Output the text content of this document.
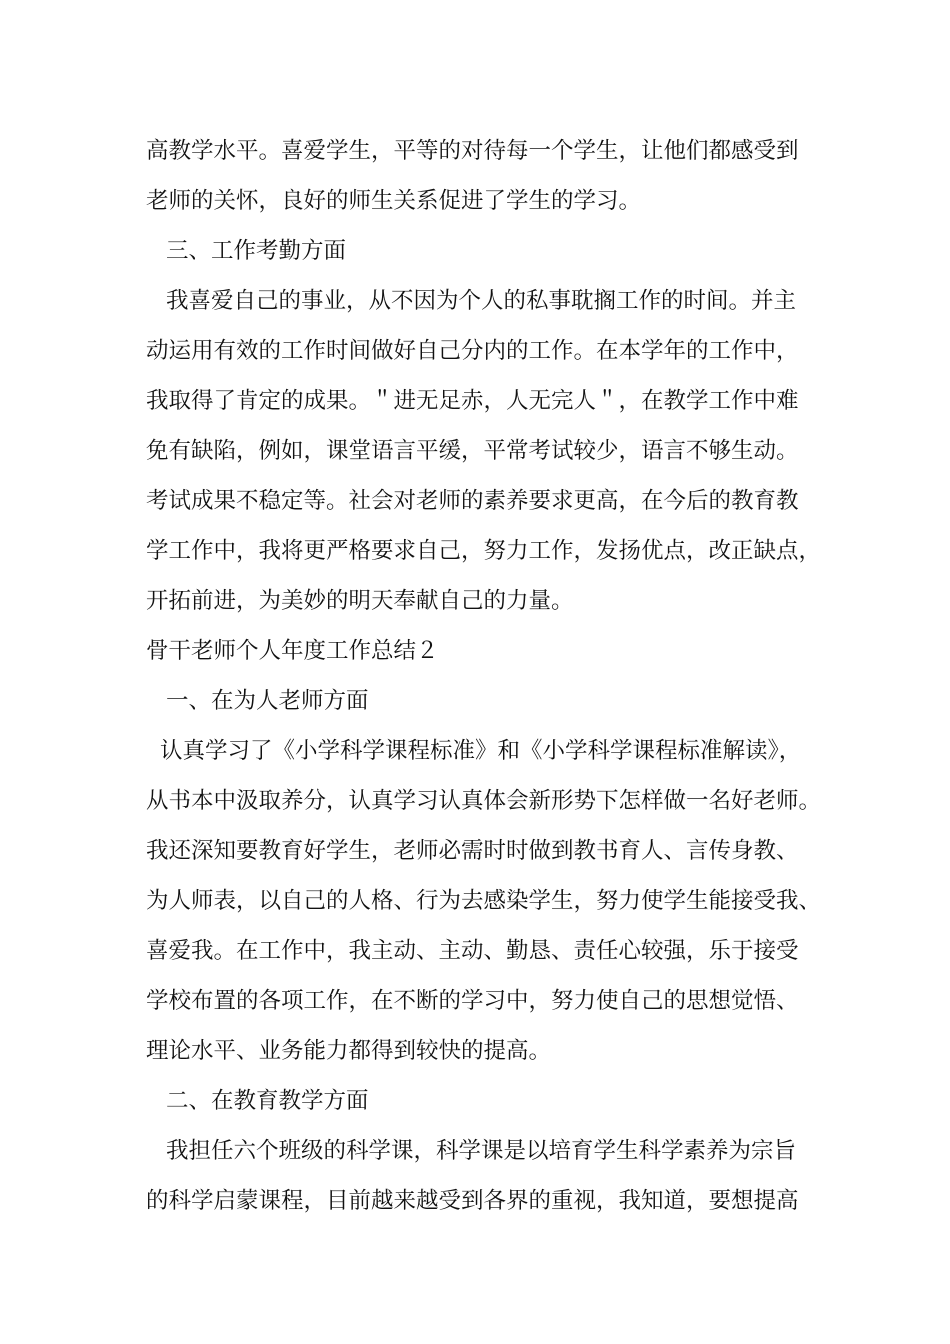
高教学水平。喜爱学生，平等的对待每一个学生，让他们都感受到
老师的关怀，良好的师生关系促进了学生的学习。
三、工作考勤方面
我喜爱自己的事业，从不因为个人的私事耽搁工作的时间。并主
动运用有效的工作时间做好自己分内的工作。在本学年的工作中，
我取得了肯定的成果。＂进无足赤，人无完人＂，在教学工作中难
免有缺陷，例如，课堂语言平缓，平常考试较少，语言不够生动。
考试成果不稳定等。社会对老师的素养要求更高，在今后的教育教
学工作中，我将更严格要求自己，努力工作，发扬优点，改正缺点，
开拓前进，为美妙的明天奉献自己的力量。
骨干老师个人年度工作总结２
一、在为人老师方面
认真学习了《小学科学课程标准》和《小学科学课程标准解读》，
从书本中汲取养分，认真学习认真体会新形势下怎样做一名好老师。
我还深知要教育好学生，老师必需时时做到教书育人、言传身教、
为人师表，以自己的人格、行为去感染学生，努力使学生能接受我、
喜爱我。在工作中，我主动、主动、勤恳、责任心较强，乐于接受
学校布置的各项工作，在不断的学习中，努力使自己的思想觉悟、
理论水平、业务能力都得到较快的提高。
二、在教育教学方面
我担任六个班级的科学课，科学课是以培育学生科学素养为宗旨
的科学启蒙课程，目前越来越受到各界的重视，我知道，要想提高
